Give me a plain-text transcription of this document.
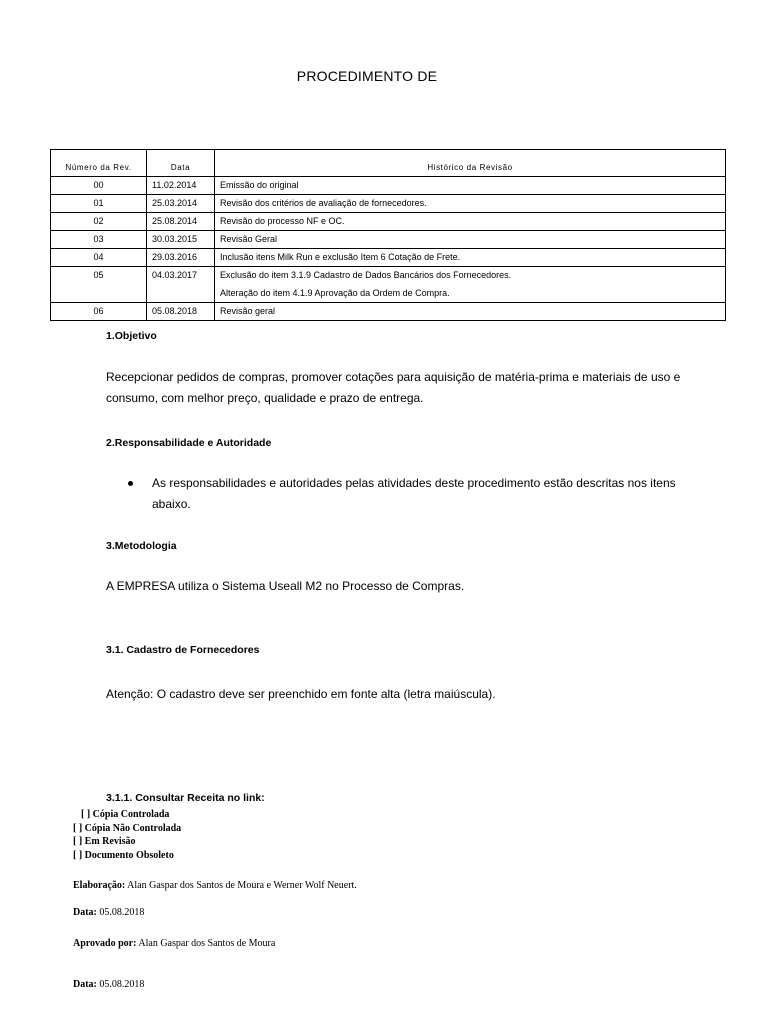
PROCEDIMENTO DE
Número da Rev.	Data	Histórico da Revisão
00	11.02.2014	Emissão do original

01	25.03.2014	Revisão dos critérios de avaliação de fornecedores.

02	25.08.2014	Revisão do processo NF e OC.

03	30.03.2015	Revisão Geral

04	29.03.2016	Inclusão itens Milk Run e exclusão Item 6 Cotação de Frete.

05	04.03.2017	Exclusão do item 3.1.9 Cadastro de Dados Bancários dos Fornecedores.
Alteração do item 4.1.9 Aprovação da Ordem de Compra.

06	05.08.2018	Revisão geral
1.Objetivo
Recepcionar pedidos de compras, promover cotações para aquisição de matéria-prima e materiais de uso e consumo, com melhor preço, qualidade e prazo de entrega.
2.Responsabilidade e Autoridade
As responsabilidades e autoridades pelas atividades deste procedimento estão descritas nos itens abaixo.
3.Metodologia
A EMPRESA utiliza o Sistema Useall M2 no Processo de Compras.
3.1. Cadastro de Fornecedores
Atenção: O cadastro deve ser preenchido em fonte alta (letra maiúscula).
3.1.1. Consultar Receita no link:
[ ] Cópia Controlada
[ ] Cópia Não Controlada
[ ] Em Revisão
[ ] Documento Obsoleto
Elaboração: Alan Gaspar dos Santos de Moura e Werner Wolf Neuert.
Data: 05.08.2018
Aprovado por: Alan Gaspar dos Santos de Moura
Data: 05.08.2018
